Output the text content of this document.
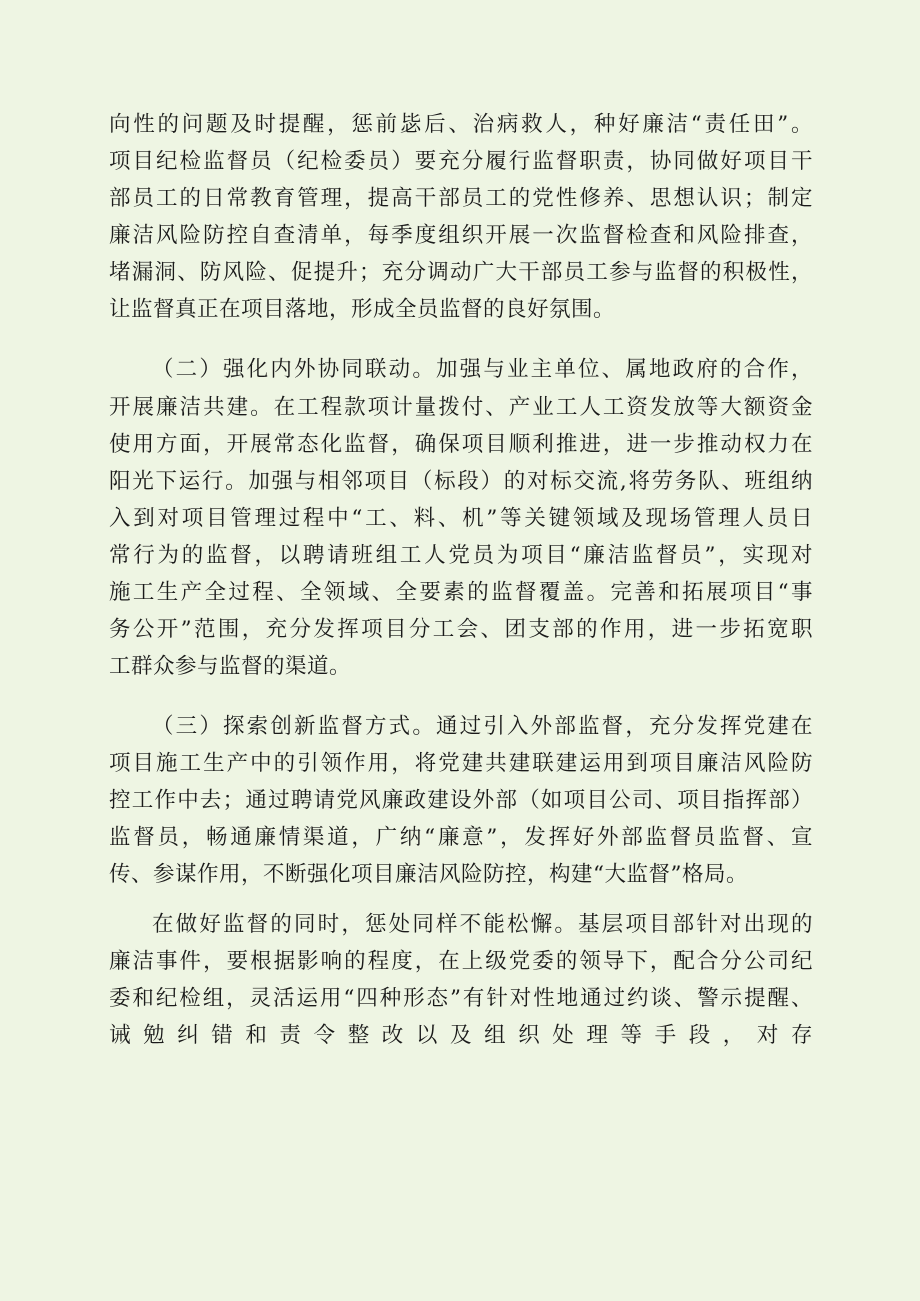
向性的问题及时提醒，惩前毖后、治病救人，种好廉洁“责任田”。
项目纪检监督员（纪检委员）要充分履行监督职责，协同做好项目干
部员工的日常教育管理，提高干部员工的党性修养、思想认识；制定
廉洁风险防控自查清单，每季度组织开展一次监督检查和风险排查，
堵漏洞、防风险、促提升；充分调动广大干部员工参与监督的积极性，
让监督真正在项目落地，形成全员监督的良好氛围。
（二）强化内外协同联动。加强与业主单位、属地政府的合作，
开展廉洁共建。在工程款项计量拨付、产业工人工资发放等大额资金
使用方面，开展常态化监督，确保项目顺利推进，进一步推动权力在
阳光下运行。加强与相邻项目（标段）的对标交流,将劳务队、班组纳
入到对项目管理过程中“工、料、机”等关键领域及现场管理人员日
常行为的监督，以聘请班组工人党员为项目“廉洁监督员”，实现对
施工生产全过程、全领域、全要素的监督覆盖。完善和拓展项目“事
务公开”范围，充分发挥项目分工会、团支部的作用，进一步拓宽职
工群众参与监督的渠道。
（三）探索创新监督方式。通过引入外部监督，充分发挥党建在
项目施工生产中的引领作用，将党建共建联建运用到项目廉洁风险防
控工作中去；通过聘请党风廉政建设外部（如项目公司、项目指挥部）
监督员，畅通廉情渠道，广纳“廉意”，发挥好外部监督员监督、宣
传、参谋作用，不断强化项目廉洁风险防控，构建“大监督”格局。
在做好监督的同时，惩处同样不能松懈。基层项目部针对出现的
廉洁事件，要根据影响的程度，在上级党委的领导下，配合分公司纪
委和纪检组，灵活运用“四种形态”有针对性地通过约谈、警示提醒、
诫勉纠错和责令整改以及组织处理等手段，对存
